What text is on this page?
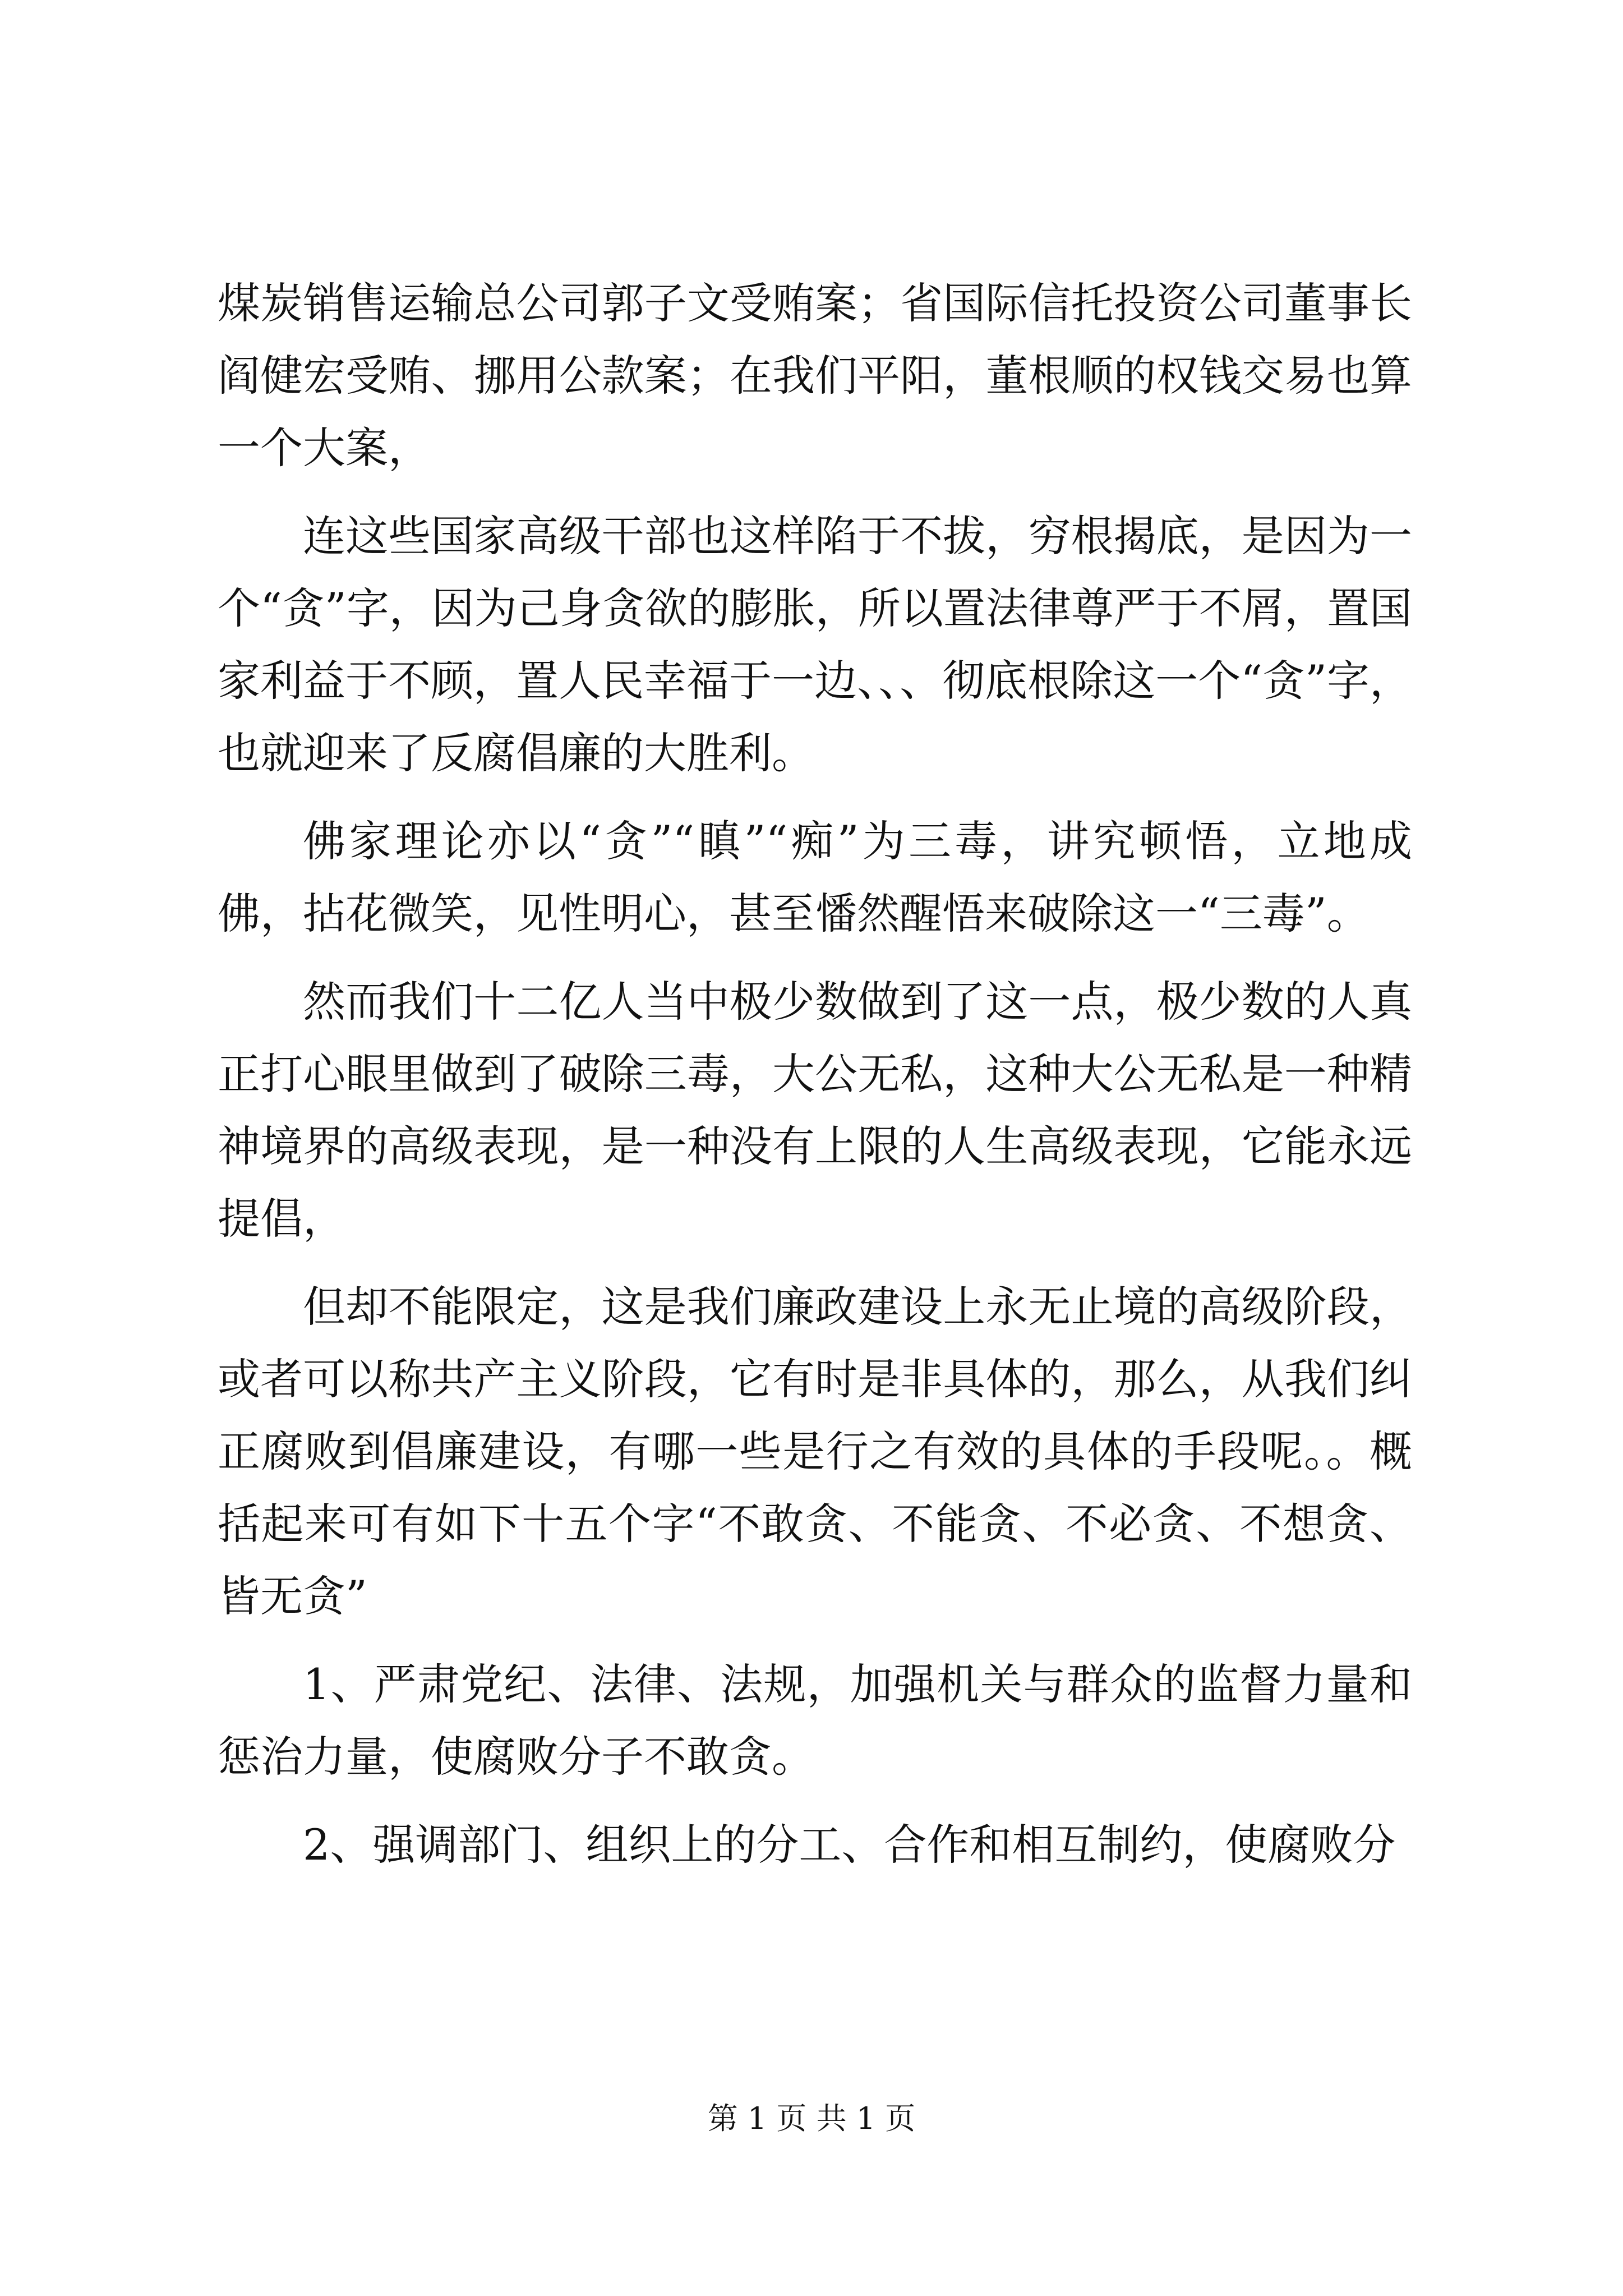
煤炭销售运输总公司郭子文受贿案；省国际信托投资公司董事长阎健宏受贿、挪用公款案；在我们平阳，董根顺的权钱交易也算一个大案，

连这些国家高级干部也这样陷于不拔，穷根揭底，是因为一个“贪”字，因为己身贪欲的膨胀，所以置法律尊严于不屑，置国家利益于不顾，置人民幸福于一边、、、彻底根除这一个“贪”字，也就迎来了反腐倡廉的大胜利。

佛家理论亦以“贪”“瞋”“痴”为三毒，讲究顿悟，立地成佛，拈花微笑，见性明心，甚至憣然醒悟来破除这一“三毒”。

然而我们十二亿人当中极少数做到了这一点，极少数的人真正打心眼里做到了破除三毒，大公无私，这种大公无私是一种精神境界的高级表现，是一种没有上限的人生高级表现，它能永远提倡，

但却不能限定，这是我们廉政建设上永无止境的高级阶段，或者可以称共产主义阶段，它有时是非具体的，那么，从我们纠正腐败到倡廉建设，有哪一些是行之有效的具体的手段呢。。概括起来可有如下十五个字“不敢贪、不能贪、不必贪、不想贪、皆无贪”

1、严肃党纪、法律、法规，加强机关与群众的监督力量和惩治力量，使腐败分子不敢贪。

2、强调部门、组织上的分工、合作和相互制约，使腐败分

第 1 页 共 1 页
